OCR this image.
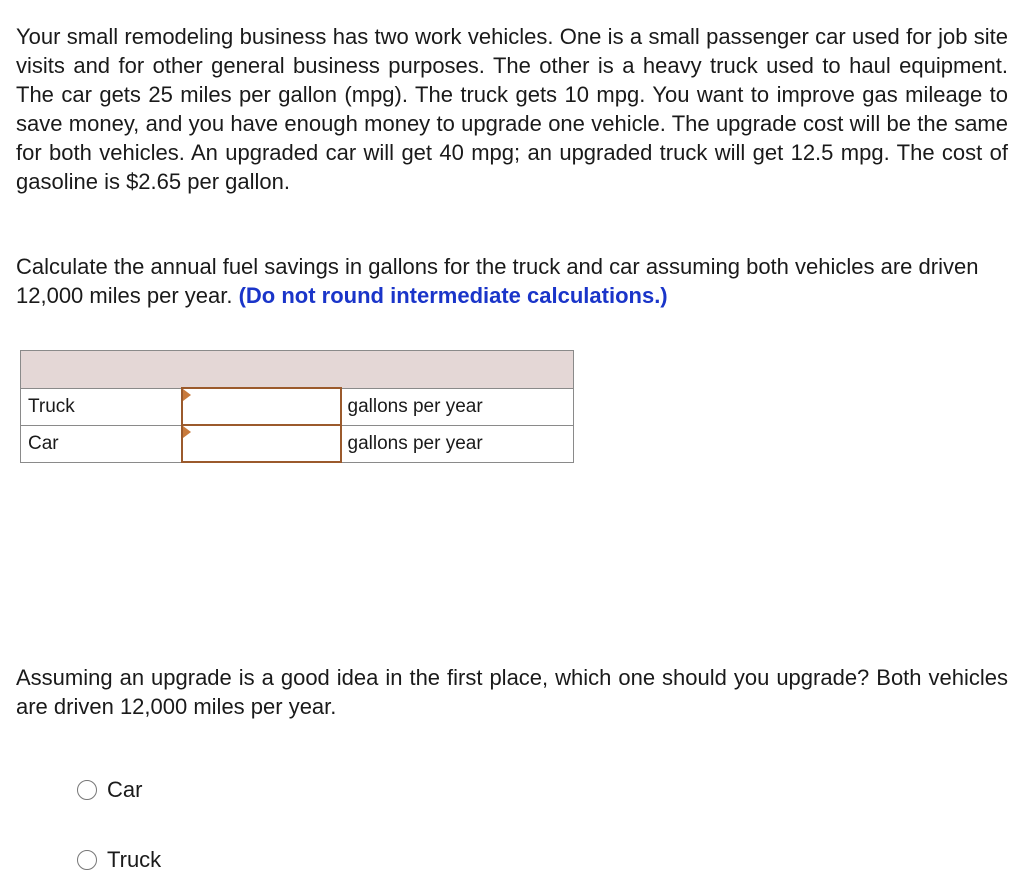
Your small remodeling business has two work vehicles. One is a small passenger car used for job site visits and for other general business purposes. The other is a heavy truck used to haul equipment. The car gets 25 miles per gallon (mpg). The truck gets 10 mpg. You want to improve gas mileage to save money, and you have enough money to upgrade one vehicle. The upgrade cost will be the same for both vehicles. An upgraded car will get 40 mpg; an upgraded truck will get 12.5 mpg. The cost of gasoline is $2.65 per gallon.

Calculate the annual fuel savings in gallons for the truck and car assuming both vehicles are driven 12,000 miles per year. (Do not round intermediate calculations.)

Truck		gallons per year
Car		gallons per year

Assuming an upgrade is a good idea in the first place, which one should you upgrade? Both vehicles are driven 12,000 miles per year.

Car
Truck
